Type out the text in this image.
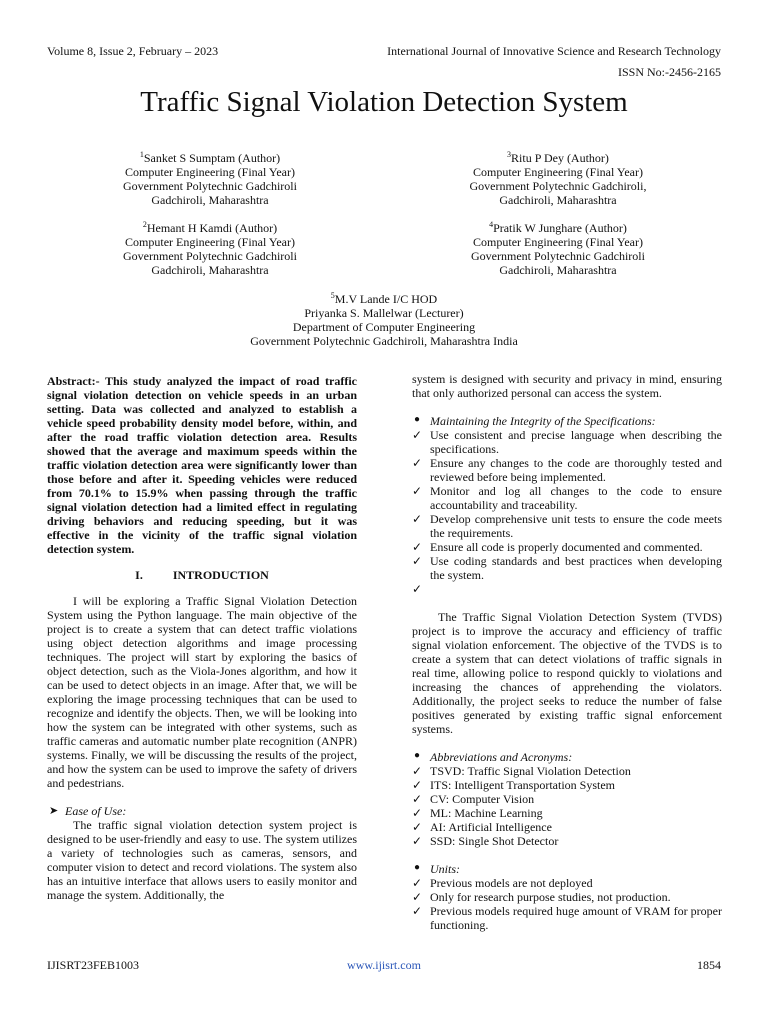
Volume 8, Issue 2, February – 2023	International Journal of Innovative Science and Research Technology
ISSN No:-2456-2165
Traffic Signal Violation Detection System
$^1$Sanket S Sumptam (Author)
Computer Engineering (Final Year)
Government Polytechnic Gadchiroli
Gadchiroli, Maharashtra
$^3$Ritu P Dey (Author)
Computer Engineering (Final Year)
Government Polytechnic Gadchiroli,
Gadchiroli, Maharashtra
$^2$Hemant H Kamdi (Author)
Computer Engineering (Final Year)
Government Polytechnic Gadchiroli
Gadchiroli, Maharashtra
$^4$Pratik W Junghare (Author)
Computer Engineering (Final Year)
Government Polytechnic Gadchiroli
Gadchiroli, Maharashtra
$^5$M.V Lande I/C HOD
Priyanka S. Mallelwar (Lecturer)
Department of Computer Engineering
Government Polytechnic Gadchiroli, Maharashtra India

Abstract:- This study analyzed the impact of road traffic signal violation detection on vehicle speeds in an urban setting. Data was collected and analyzed to establish a vehicle speed probability density model before, within, and after the road traffic violation detection area. Results showed that the average and maximum speeds within the traffic violation detection area were significantly lower than those before and after it. Speeding vehicles were reduced from 70.1% to 15.9% when passing through the traffic signal violation detection had a limited effect in regulating driving behaviors and reducing speeding, but it was effective in the vicinity of the traffic signal violation detection system.

I.	INTRODUCTION

I will be exploring a Traffic Signal Violation Detection System using the Python language. The main objective of the project is to create a system that can detect traffic violations using object detection algorithms and image processing techniques. The project will start by exploring the basics of object detection, such as the Viola-Jones algorithm, and how it can be used to detect objects in an image. After that, we will be exploring the image processing techniques that can be used to recognize and identify the objects. Then, we will be looking into how the system can be integrated with other systems, such as traffic cameras and automatic number plate recognition (ANPR) systems. Finally, we will be discussing the results of the project, and how the system can be used to improve the safety of drivers and pedestrians.

➤ Ease of Use:

The traffic signal violation detection system project is designed to be user-friendly and easy to use. The system utilizes a variety of technologies such as cameras, sensors, and computer vision to detect and record violations. The system also has an intuitive interface that allows users to easily monitor and manage the system. Additionally, the

system is designed with security and privacy in mind, ensuring that only authorized personal can access the system.

● Maintaining the Integrity of the Specifications:
✓ Use consistent and precise language when describing the specifications.
✓ Ensure any changes to the code are thoroughly tested and reviewed before being implemented.
✓ Monitor and log all changes to the code to ensure accountability and traceability.
✓ Develop comprehensive unit tests to ensure the code meets the requirements.
✓ Ensure all code is properly documented and commented.
✓ Use coding standards and best practices when developing the system.
✓

The Traffic Signal Violation Detection System (TVDS) project is to improve the accuracy and efficiency of traffic signal violation enforcement. The objective of the TVDS is to create a system that can detect violations of traffic signals in real time, allowing police to respond quickly to violations and increasing the chances of apprehending the violators. Additionally, the project seeks to reduce the number of false positives generated by existing traffic signal enforcement systems.

● Abbreviations and Acronyms:
✓ TSVD: Traffic Signal Violation Detection
✓ ITS: Intelligent Transportation System
✓ CV: Computer Vision
✓ ML: Machine Learning
✓ AI: Artificial Intelligence
✓ SSD: Single Shot Detector
● Units:
✓ Previous models are not deployed
✓ Only for research purpose studies, not production.
✓ Previous models required huge amount of VRAM for proper functioning.
IJISRT23FEB1003	www.ijisrt.com	1854
